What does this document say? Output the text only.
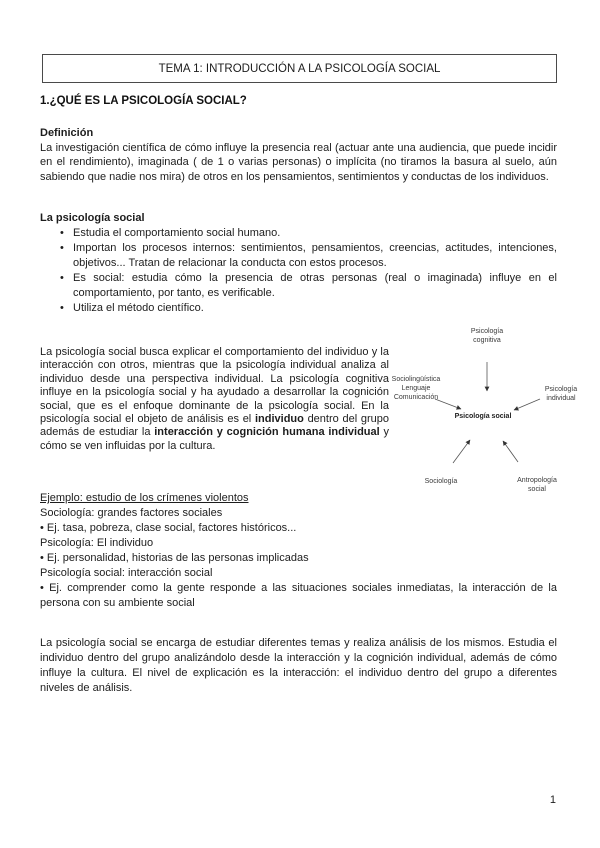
TEMA 1: INTRODUCCIÓN A LA PSICOLOGÍA SOCIAL
1.¿QUÉ ES LA PSICOLOGÍA SOCIAL?

Definición

La investigación científica de cómo influye la presencia real (actuar ante una audiencia, que puede incidir en el rendimiento), imaginada ( de 1 o varias personas) o implícita (no tiramos la basura al suelo, aún sabiendo que nadie nos mira) de otros en los pensamientos, sentimientos y conductas de los individuos.

La psicología social

• Estudia el comportamiento social humano.
• Importan los procesos internos: sentimientos, pensamientos, creencias, actitudes, intenciones, objetivos... Tratan de relacionar la conducta con estos procesos.
• Es social: estudia cómo la presencia de otras personas (real o imaginada) influye en el comportamiento, por tanto, es verificable.
• Utiliza el método científico.

La psicología social busca explicar el comportamiento del individuo y la interacción con otros, mientras que la psicología individual analiza al individuo desde una perspectiva individual. La psicología cognitiva influye en la psicología social y ha ayudado a desarrollar la cognición social, que es el enfoque dominante de la psicología social. En la psicología social el objeto de análisis es el individuo dentro del grupo además de estudiar la interacción y cognición humana individual y cómo se ven influidas por la cultura.

Psicología cognitiva
Sociolingüística Lenguaje Comunicación
Psicología social
Psicología individual
Sociología	Antropología social

Ejemplo: estudio de los crímenes violentos

Sociología: grandes factores sociales

• Ej. tasa, pobreza, clase social, factores históricos...

Psicología: El individuo

• Ej. personalidad, historias de las personas implicadas

Psicología social: interacción social

• Ej. comprender como la gente responde a las situaciones sociales inmediatas, la interacción de la persona con su ambiente social

La psicología social se encarga de estudiar diferentes temas y realiza análisis de los mismos. Estudia el individuo dentro del grupo analizándolo desde la interacción y la cognición individual, además de cómo influye la cultura. El nivel de explicación es la interacción: el individuo dentro del grupo a diferentes niveles de análisis.

1
